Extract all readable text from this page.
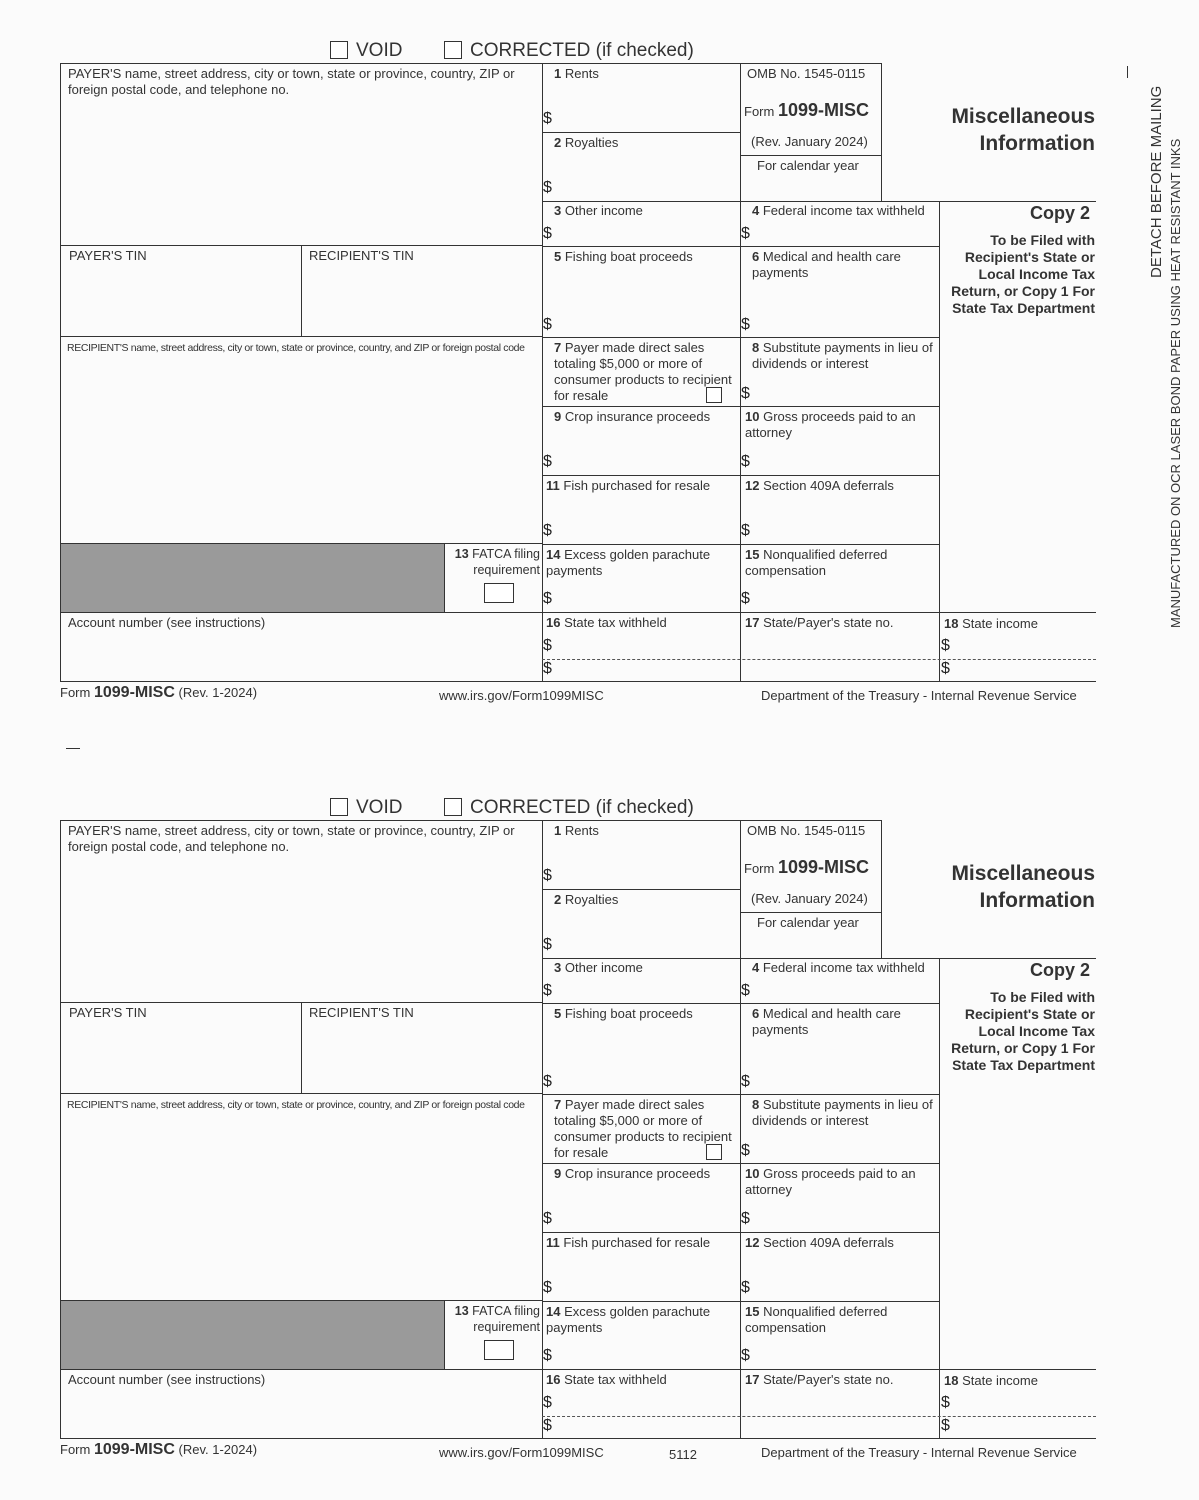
DETACH BEFORE MAILING MANUFACTURED ON OCR LASER BOND PAPER USING HEAT RESISTANT INKS
VOID	CORRECTED (if checked)
PAYER'S name, street address, city or town, state or province, country, ZIP or foreign postal code, and telephone no.
PAYER'S TIN	RECIPIENT'S TIN
RECIPIENT'S name, street address, city or town, state or province, country, and ZIP or foreign postal code
13 FATCA filing requirement
Account number (see instructions)
1 Rents
$
2 Royalties
$
OMB No. 1545-0115
Form 1099-MISC
(Rev. January 2024)
For calendar year
Miscellaneous
Information
3 Other income
$
4 Federal income tax withheld
$
Copy 2
To be Filed with Recipient's State or Local Income Tax Return, or Copy 1 For State Tax Department
5 Fishing boat proceeds
$
6 Medical and health care payments
$
7 Payer made direct sales totaling $5,000 or more of consumer products to recipient for resale
8 Substitute payments in lieu of dividends or interest
$
9 Crop insurance proceeds
$
10 Gross proceeds paid to an attorney
$
11 Fish purchased for resale
$
12 Section 409A deferrals
$
14 Excess golden parachute payments
$
15 Nonqualified deferred compensation
$
16 State tax withheld
$
$
17 State/Payer's state no.	18 State income
$
$
Form 1099-MISC (Rev. 1-2024)	www.irs.gov/Form1099MISC	Department of the Treasury - Internal Revenue Service
VOID	CORRECTED (if checked)
PAYER'S name, street address, city or town, state or province, country, ZIP or foreign postal code, and telephone no.
PAYER'S TIN	RECIPIENT'S TIN
RECIPIENT'S name, street address, city or town, state or province, country, and ZIP or foreign postal code
13 FATCA filing requirement
Account number (see instructions)
1 Rents
$
2 Royalties
$
OMB No. 1545-0115
Form 1099-MISC
(Rev. January 2024)
For calendar year
Miscellaneous
Information
3 Other income
$
4 Federal income tax withheld
$
Copy 2
To be Filed with Recipient's State or Local Income Tax Return, or Copy 1 For State Tax Department
5 Fishing boat proceeds
$
6 Medical and health care payments
$
7 Payer made direct sales totaling $5,000 or more of consumer products to recipient for resale
8 Substitute payments in lieu of dividends or interest
$
9 Crop insurance proceeds
$
10 Gross proceeds paid to an attorney
$
11 Fish purchased for resale
$
12 Section 409A deferrals
$
14 Excess golden parachute payments
$
15 Nonqualified deferred compensation
$
16 State tax withheld
$
$
17 State/Payer's state no.	18 State income
$
$
Form 1099-MISC (Rev. 1-2024)	www.irs.gov/Form1099MISC	Department of the Treasury - Internal Revenue Service
5112
